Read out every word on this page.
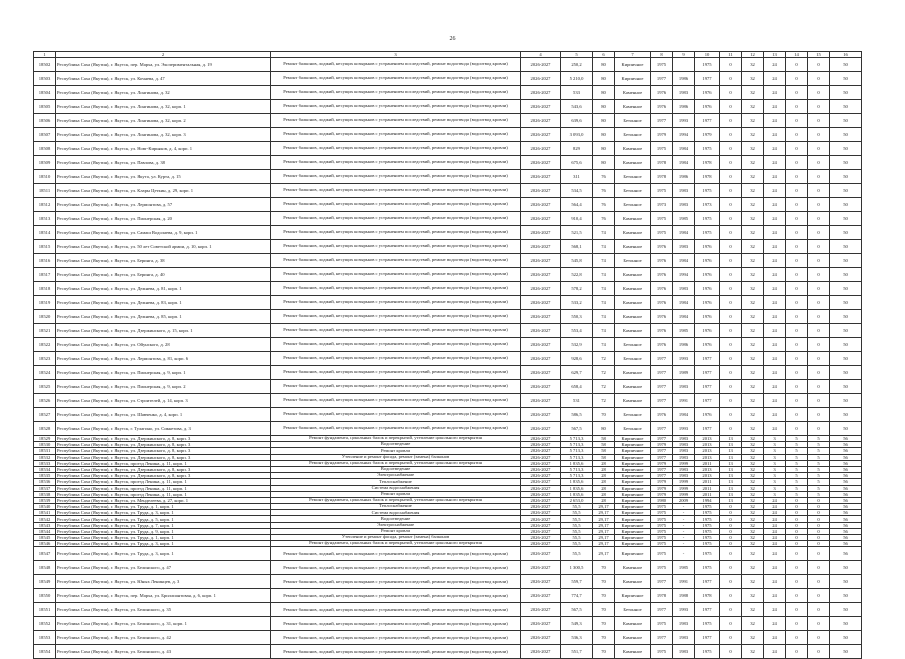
26
1	2	3	4	5	6	7	8	9	10	11	12	13	14	15	16
18502	Республика Саха (Якутия), г. Якутск, пер. Марха, ул. Экспериментальная, д. 19	Ремонт балконов, лоджий, несущих козырьков с устранением последствий, ремонт водоотвода (водоотвод кровли)	2026-2027	250,2	80	Кирпичное	1975		1975	0	32	24	0	0	50
18503	Республика Саха (Якутия), г. Якутск, ул. Кочнева, д. 47	Ремонт балконов, лоджий, несущих козырьков с устранением последствий, ремонт водоотвода (водоотвод кровли)	2026-2027	5 210,0	80	Кирпичное	1977	1986	1977	0	32	24	0	0	50
18504	Республика Саха (Якутия), г. Якутск, ул. Лонгинова, д. 32	Ремонт балконов, лоджий, несущих козырьков с устранением последствий, ремонт водоотвода (водоотвод кровли)	2026-2027	533	80	Каменное	1976	1983	1976	0	32	24	0	0	50
18505	Республика Саха (Якутия), г. Якутск, ул. Лонгинова, д. 32, корп. 1	Ремонт балконов, лоджий, несущих козырьков с устранением последствий, ремонт водоотвода (водоотвод кровли)	2026-2027	543,6	80	Каменное	1976	1986	1976	0	32	24	0	0	50
18506	Республика Саха (Якутия), г. Якутск, ул. Лонгинова, д. 32, корп. 2	Ремонт балконов, лоджий, несущих козырьков с устранением последствий, ремонт водоотвода (водоотвод кровли)	2026-2027	639,6	80	Бетонное	1977	1993	1977	0	32	24	0	0	50
18507	Республика Саха (Якутия), г. Якутск, ул. Лонгинова, д. 32, корп. 3	Ремонт балконов, лоджий, несущих козырьков с устранением последствий, ремонт водоотвода (водоотвод кровли)	2026-2027	3 093,0	80	Бетонное	1979	1994	1979	0	32	24	0	0	50
18508	Республика Саха (Якутия), г. Якутск, ул. Новг-Кирьяков, д. 4, корп. 1	Ремонт балконов, лоджий, несущих козырьков с устранением последствий, ремонт водоотвода (водоотвод кровли)	2026-2027	829	80	Каменное	1975	1984	1975	0	32	24	0	0	50
18509	Республика Саха (Якутия), г. Якутск, ул. Павлова, д. 38	Ремонт балконов, лоджий, несущих козырьков с устранением последствий, ремонт водоотвода (водоотвод кровли)	2026-2027	675,6	80	Каменное	1978	1984	1978	0	32	24	0	0	50
18510	Республика Саха (Якутия), г. Якутск, ул. Якута, ул. Курта, д. 15	Ремонт балконов, лоджий, несущих козырьков с устранением последствий, ремонт водоотвода (водоотвод кровли)	2026-2027	311	76	Бетонное	1978	1986	1978	0	32	24	0	0	50
18511	Республика Саха (Якутия), г. Якутск, ул. Клары Цеткин, д. 29, корп. 1	Ремонт балконов, лоджий, несущих козырьков с устранением последствий, ремонт водоотвода (водоотвод кровли)	2026-2027	534,5	76	Бетонное	1975	1983	1975	0	32	24	0	0	50
18512	Республика Саха (Якутия), г. Якутск, ул. Лермонтова, д. 57	Ремонт балконов, лоджий, несущих козырьков с устранением последствий, ремонт водоотвода (водоотвод кровли)	2026-2027	564,4	76	Бетонное	1973	1983	1973	0	32	24	0	0	50
18513	Республика Саха (Якутия), г. Якутск, ул. Пионерская, д. 20	Ремонт балконов, лоджий, несущих козырьков с устранением последствий, ремонт водоотвода (водоотвод кровли)	2026-2027	910,4	76	Каменное	1975	1985	1975	0	32	24	0	0	50
18514	Республика Саха (Якутия), г. Якутск, ул. Самаш Водолаева, д. 9, корп. 1	Ремонт балконов, лоджий, несущих козырьков с устранением последствий, ремонт водоотвода (водоотвод кровли)	2026-2027	521,5	74	Каменное	1975	1984	1975	0	32	24	0	0	50
18515	Республика Саха (Якутия), г. Якутск, ул. 50 лет Советской армии, д. 10, корп. 1	Ремонт балконов, лоджий, несущих козырьков с устранением последствий, ремонт водоотвода (водоотвод кровли)	2026-2027	568,1	74	Каменное	1976	1983	1976	0	32	24	0	0	50
18516	Республика Саха (Якутия), г. Якутск, ул. Беринга, д. 38	Ремонт балконов, лоджий, несущих козырьков с устранением последствий, ремонт водоотвода (водоотвод кровли)	2026-2027	545,8	74	Бетонное	1976	1984	1976	0	32	24	0	0	50
18517	Республика Саха (Якутия), г. Якутск, ул. Беринга, д. 40	Ремонт балконов, лоджий, несущих козырьков с устранением последствий, ремонт водоотвода (водоотвод кровли)	2026-2027	522,8	74	Каменное	1976	1994	1976	0	32	24	0	0	50
18518	Республика Саха (Якутия), г. Якутск, ул. Дежнева, д. 81, корп. 1	Ремонт балконов, лоджий, несущих козырьков с устранением последствий, ремонт водоотвода (водоотвод кровли)	2026-2027	578,2	74	Каменное	1976	1983	1976	0	32	24	0	0	50
18519	Республика Саха (Якутия), г. Якутск, ул. Дежнева, д. 83, корп. 1	Ремонт балконов, лоджий, несущих козырьков с устранением последствий, ремонт водоотвода (водоотвод кровли)	2026-2027	533,2	74	Каменное	1976	1984	1976	0	32	24	0	0	50
18520	Республика Саха (Якутия), г. Якутск, ул. Дежнева, д. 85, корп. 1	Ремонт балконов, лоджий, несущих козырьков с устранением последствий, ремонт водоотвода (водоотвод кровли)	2026-2027	550,3	74	Каменное	1976	1984	1976	0	32	24	0	0	50
18521	Республика Саха (Якутия), г. Якутск, ул. Дзержинского, д. 15, корп. 1	Ремонт балконов, лоджий, несущих козырьков с устранением последствий, ремонт водоотвода (водоотвод кровли)	2026-2027	553,4	74	Каменное	1976	1985	1976	0	32	24	0	0	50
18522	Республика Саха (Якутия), г. Якутск, ул. Ойунского, д. 28	Ремонт балконов, лоджий, несущих козырьков с устранением последствий, ремонт водоотвода (водоотвод кровли)	2026-2027	532,9	74	Бетонное	1976	1986	1976	0	32	24	0	0	50
18523	Республика Саха (Якутия), г. Якутск, ул. Лермонтова, д. 81, корп. 6	Ремонт балконов, лоджий, несущих козырьков с устранением последствий, ремонт водоотвода (водоотвод кровли)	2026-2027	928,6	72	Бетонное	1977	1993	1977	0	32	24	0	0	50
18524	Республика Саха (Якутия), г. Якутск, ул. Пионерская, д. 9, корп. 1	Ремонт балконов, лоджий, несущих козырьков с устранением последствий, ремонт водоотвода (водоотвод кровли)	2026-2027	629,7	72	Каменное	1977	1989	1977	0	32	24	0	0	50
18525	Республика Саха (Якутия), г. Якутск, ул. Пионерская, д. 9, корп. 2	Ремонт балконов, лоджий, несущих козырьков с устранением последствий, ремонт водоотвода (водоотвод кровли)	2026-2027	658,4	72	Каменное	1977	1983	1977	0	32	24	0	0	50
18526	Республика Саха (Якутия), г. Якутск, ул. Строителей, д. 14, корп. 3	Ремонт балконов, лоджий, несущих козырьков с устранением последствий, ремонт водоотвода (водоотвод кровли)	2026-2027	531	72	Каменное	1977	1991	1977	0	32	24	0	0	50
18527	Республика Саха (Якутия), г. Якутск, ул. Шавченко, д. 4, корп. 1	Ремонт балконов, лоджий, несущих козырьков с устранением последствий, ремонт водоотвода (водоотвод кровли)	2026-2027	586,5	70	Бетонное	1976	1984	1976	0	32	24	0	0	50
18528	Республика Саха (Якутия), г. Якутск, г. Тулагино, ул. Сиккетова, д. 3	Ремонт балконов, лоджий, несущих козырьков с устранением последствий, ремонт водоотвода (водоотвод кровли)	2026-2027	567,5	80	Бетонное	1977	1993	1977	0	32	24	0	0	50
18529	Республика Саха (Якутия), г. Якутск, ул. Дзержинского, д. 8, корп. 3	Ремонт фундамента, цокольных балок и перекрытий, утепление цокольного перекрытия	2026-2027	5 713,3	58	Кирпичное	1977	1983	2013	13	32	3	5	5	56
18530	Республика Саха (Якутия), г. Якутск, ул. Дзержинского, д. 8, корп. 3	Водоотведение	2026-2027	5 713,3	58	Кирпичное	1979	1983	2013	13	32	3	5	5	56
18531	Республика Саха (Якутия), г. Якутск, ул. Дзержинского, д. 8, корп. 3	Ремонт кровли	2026-2027	5 713,3	58	Кирпичное	1977	1983	2013	13	32	3	5	5	56
18532	Республика Саха (Якутия), г. Якутск, ул. Дзержинского, д. 8, корп. 3	Утепление и ремонт фасада, ремонт (замена) балконов	2026-2027	5 713,3	58	Кирпичное	1977	1983	2013	13	32	3	5	5	56
18533	Республика Саха (Якутия), г. Якутск, проезд Ленина, д. 11, корп. 1	Ремонт фундамента, цокольных балок и перекрытий, утепление цокольного перекрытия	2026-2027	1 835,6	28	Кирпичное	1979	1999	2011	13	32	3	5	5	56
18534	Республика Саха (Якутия), г. Якутск, ул. Дзержинского, д. 8, корп. 3	Водоотведение	2026-2027	5 713,3	28	Кирпичное	1977	1983	2013	13	32	3	5	5	56
18535	Республика Саха (Якутия), г. Якутск, ул. Дзержинского, д. 8, корп. 3	Электроснабжение	2026-2027	5 713,3	28	Кирпичное	1977	1983	2013	13	32	3	5	5	56
18536	Республика Саха (Якутия), г. Якутск, проезд Ленина, д. 11, корп. 1	Теплоснабжение	2026-2027	1 835,6	28	Кирпичное	1979	1999	2011	13	32	3	5	5	56
18537	Республика Саха (Якутия), г. Якутск, проезд Ленина, д. 11, корп. 1	Система водоснабжения	2026-2027	1 835,6	28	Кирпичное	1979	1999	2011	13	32	3	5	5	56
18538	Республика Саха (Якутия), г. Якутск, проезд Ленина, д. 11, корп. 1	Ремонт кровли	2026-2027	1 835,6	28	Кирпичное	1979	1999	2011	13	32	3	5	5	56
18539	Республика Саха (Якутия), г. Якутск, ул. Менделеева, д. 27, корп. 1	Ремонт фундамента, цокольных балок и перекрытий, утепление цокольного перекрытия	2026-2027	2 653,0	28	Кирпичное	1980	2009	1994	13	32	24	0	0	56
18540	Республика Саха (Якутия), г. Якутск, ул. Труда, д. 1, корп. 1	Теплоснабжение	2026-2027	55,5	29,17	Кирпичное	1975	-	1975	0	32	24	0	0	56
18541	Республика Саха (Якутия), г. Якутск, ул. Труда, д. 3, корп. 1	Система водоснабжения	2026-2027	55,5	29,17	Кирпичное	1975	-	1975	0	32	24	0	0	56
18542	Республика Саха (Якутия), г. Якутск, ул. Труда, д. 5, корп. 1	Водоотведение	2026-2027	55,5	29,17	Кирпичное	1975	-	1975	0	32	24	0	0	56
18543	Республика Саха (Якутия), г. Якутск, ул. Труда, д. 7, корп. 1	Электроснабжение	2026-2027	55,5	29,17	Кирпичное	1975	-	1975	0	32	24	0	0	56
18544	Республика Саха (Якутия), г. Якутск, ул. Труда, д. 9, корп. 1	Ремонт кровли	2026-2027	55,5	29,17	Кирпичное	1975	-	1975	0	32	24	0	0	56
18545	Республика Саха (Якутия), г. Якутск, ул. Труда, д. 1, корп. 1	Утепление и ремонт фасада, ремонт (замена) балконов	2026-2027	55,5	29,17	Кирпичное	1975	-	1975	0	32	24	0	0	56
18546	Республика Саха (Якутия), г. Якутск, ул. Труда, д. 3, корп. 1	Ремонт фундамента, цокольных балок и перекрытий, утепление цокольного перекрытия	2026-2027	55,5	29,17	Кирпичное	1975	-	1975	0	32	24	0	0	56
18547	Республика Саха (Якутия), г. Якутск, ул. Труда, д. 3, корп. 1	Ремонт балконов, лоджий, несущих козырьков с устранением последствий, ремонт водоотвода (водоотвод кровли)	2026-2027	55,5	29,17	Кирпичное	1975	-	1975	0	32	24	0	0	56
18548	Республика Саха (Якутия), г. Якутск, ул. Белинского, д. 47	Ремонт балконов, лоджий, несущих козырьков с устранением последствий, ремонт водоотвода (водоотвод кровли)	2026-2027	1 300,5	70	Каменное	1975	1985	1975	0	32	24	0	0	50
18549	Республика Саха (Якутия), г. Якутск, ул. Юных Ленинцев, д. 3	Ремонт балконов, лоджий, несущих козырьков с устранением последствий, ремонт водоотвода (водоотвод кровли)	2026-2027	559,7	70	Каменное	1977	1991	1977	0	32	24	0	0	50
18550	Республика Саха (Якутия), г. Якутск, пер. Марха, ул. Бриллиантовая, д. 6, корп. 1	Ремонт балконов, лоджий, несущих козырьков с устранением последствий, ремонт водоотвода (водоотвод кровли)	2026-2027	774,7	70	Кирпичное	1978	1988	1978	0	32	24	0	0	50
18551	Республика Саха (Якутия), г. Якутск, ул. Белинского, д. 35	Ремонт балконов, лоджий, несущих козырьков с устранением последствий, ремонт водоотвода (водоотвод кровли)	2026-2027	567,5	70	Бетонное	1977	1993	1977	0	32	24	0	0	50
18552	Республика Саха (Якутия), г. Якутск, ул. Белинского, д. 31, корп. 1	Ремонт балконов, лоджий, несущих козырьков с устранением последствий, ремонт водоотвода (водоотвод кровли)	2026-2027	549,3	70	Каменное	1975	1983	1975	0	32	24	0	0	50
18553	Республика Саха (Якутия), г. Якутск, ул. Белинского, д. 42	Ремонт балконов, лоджий, несущих козырьков с устранением последствий, ремонт водоотвода (водоотвод кровли)	2026-2027	536,3	70	Каменное	1977	1983	1977	0	32	24	0	0	50
18554	Республика Саха (Якутия), г. Якутск, ул. Белинского, д. 43	Ремонт балконов, лоджий, несущих козырьков с устранением последствий, ремонт водоотвода (водоотвод кровли)	2026-2027	551,7	70	Каменное	1975	1983	1975	0	32	24	0	0	50
